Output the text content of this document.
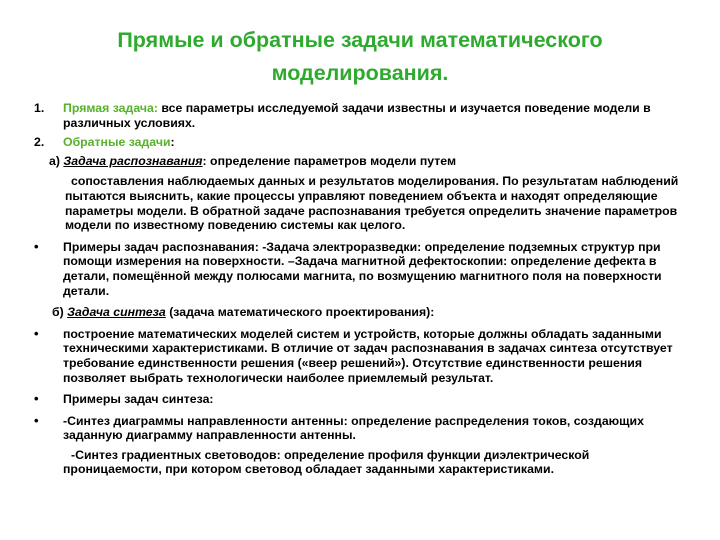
Прямые и обратные задачи математического моделирования.
1.	Прямая задача: все параметры исследуемой задачи известны и изучается поведение модели в различных условиях.
2.	Обратные задачи:
а) Задача распознавания: определение параметров модели путем
сопоставления наблюдаемых данных и результатов моделирования. По результатам наблюдений пытаются выяснить, какие процессы управляют поведением объекта и находят определяющие параметры модели. В обратной задаче распознавания требуется определить значение параметров модели по известному поведению системы как целого.
•	Примеры задач распознавания: -Задача электроразведки: определение подземных структур при помощи измерения на поверхности. –Задача магнитной дефектоскопии: определение дефекта в детали, помещённой между полюсами магнита, по возмущению магнитного поля на поверхности детали.
б) Задача синтеза (задача математического проектирования):
•	построение математических моделей систем и устройств, которые должны обладать заданными техническими характеристиками. В отличие от задач распознавания в задачах синтеза отсутствует требование единственности решения («веер решений»). Отсутствие единственности решения позволяет выбрать технологически наиболее приемлемый результат.
•	Примеры задач синтеза:
•	-Синтез диаграммы направленности антенны: определение распределения токов, создающих заданную диаграмму направленности антенны.
-Синтез градиентных световодов: определение профиля функции диэлектрической проницаемости, при котором световод обладает заданными характеристиками.
